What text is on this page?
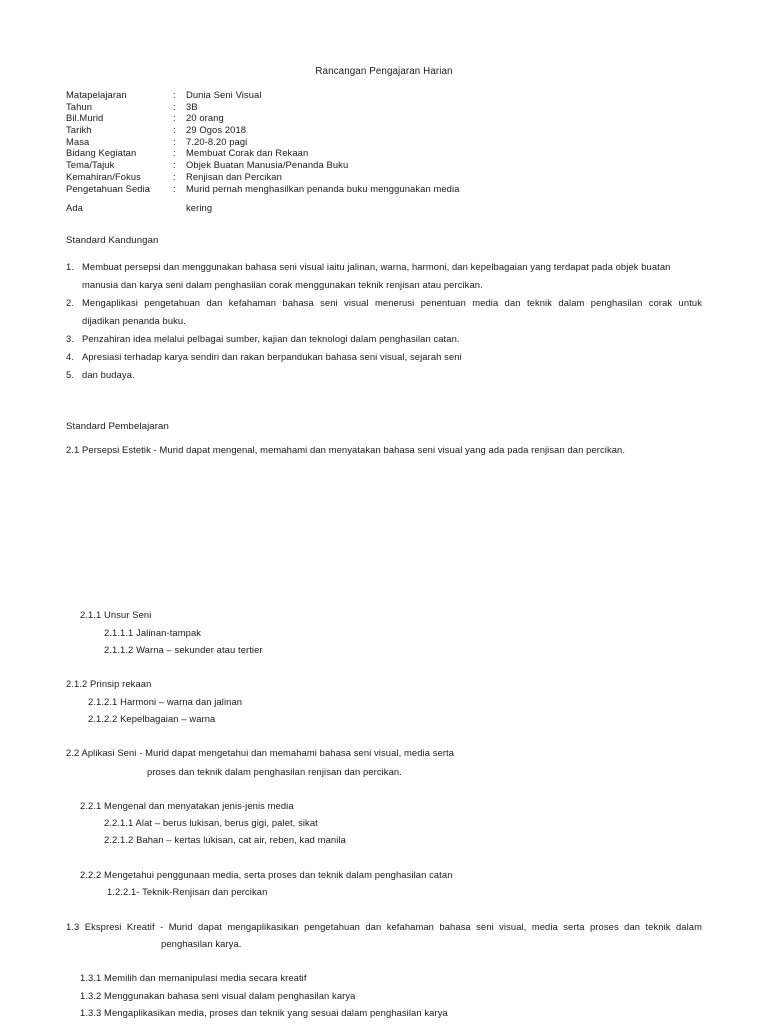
Rancangan Pengajaran Harian
Matapelajaran	: Dunia Seni Visual
Tahun	: 3B
Bil.Murid	: 20 orang
Tarikh	: 29 Ogos 2018
Masa	: 7.20-8.20 pagi
Bidang Kegiatan	: Membuat Corak dan Rekaan
Tema/Tajuk	: Objek Buatan Manusia/Penanda Buku
Kemahiran/Fokus	: Renjisan dan Percikan
Pengetahuan Sedia : Murid pernah menghasilkan penanda buku menggunakan media
Ada	kering
Standard Kandungan
1. Membuat persepsi dan menggunakan bahasa seni visual iaitu jalinan, warna, harmoni, dan kepelbagaian yang terdapat pada objek buatan
manusia dan karya seni dalam penghasilan corak menggunakan teknik renjisan atau percikan.
2. Mengaplikasi pengetahuan dan kefahaman bahasa seni visual menerusi penentuan media dan teknik dalam penghasilan corak untuk
dijadikan penanda buku.
3. Penzahiran idea melalui pelbagai sumber, kajian dan teknologi dalam penghasilan catan.
4. Apresiasi terhadap karya sendiri dan rakan berpandukan bahasa seni visual, sejarah seni
5. dan budaya.
Standard Pembelajaran
2.1 Persepsi Estetik - Murid dapat mengenal, memahami dan menyatakan bahasa seni visual yang ada pada renjisan dan percikan.
2.1.1 Unsur Seni
2.1.1.1 Jalinan-tampak
2.1.1.2 Warna – sekunder atau tertier
2.1.2 Prinsip rekaan
2.1.2.1 Harmoni – warna dan jalinan
2.1.2.2 Kepelbagaian – warna
2.2 Aplikasi Seni - Murid dapat mengetahui dan memahami bahasa seni visual, media serta
proses dan teknik dalam penghasilan renjisan dan percikan.
2.2.1 Mengenal dan menyatakan jenis-jenis media
2.2.1.1 Alat – berus lukisan, berus gigi, palet, sikat
2.2.1.2 Bahan – kertas lukisan, cat air, reben, kad manila
2.2.2 Mengetahui penggunaan media, serta proses dan teknik dalam penghasilan catan
1.2.2.1- Teknik-Renjisan dan percikan
1.3 Ekspresi Kreatif - Murid dapat mengaplikasikan pengetahuan dan kefahaman bahasa seni visual, media serta proses dan teknik dalam
penghasilan karya.
1.3.1 Memilih dan memanipulasi media secara kreatif
1.3.2 Menggunakan bahasa seni visual dalam penghasilan karya
1.3.3 Mengaplikasikan media, proses dan teknik yang sesuai dalam penghasilan karya
